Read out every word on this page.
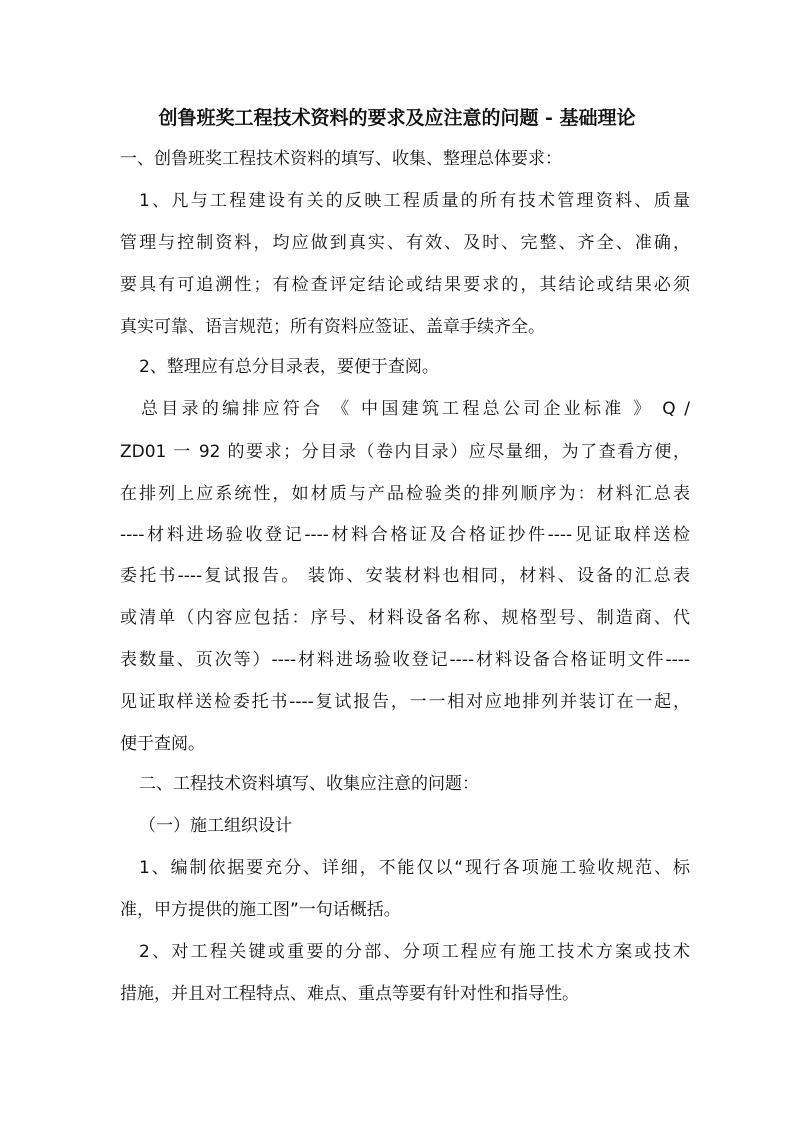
创鲁班奖工程技术资料的要求及应注意的问题 - 基础理论
一、创鲁班奖工程技术资料的填写、收集、整理总体要求：
1、凡与工程建设有关的反映工程质量的所有技术管理资料、质量
管理与控制资料，均应做到真实、有效、及时、完整、齐全、准确，
要具有可追溯性；有检查评定结论或结果要求的，其结论或结果必须
真实可靠、语言规范；所有资料应签证、盖章手续齐全。
2、整理应有总分目录表，要便于查阅。
总目录的编排应符合 《 中国建筑工程总公司企业标准 》 Q /
ZD01 一 92 的要求；分目录（卷内目录）应尽量细，为了查看方便，
在排列上应系统性，如材质与产品检验类的排列顺序为：材料汇总表
----材料进场验收登记----材料合格证及合格证抄件----见证取样送检
委托书----复试报告。 装饰、安装材料也相同，材料、设备的汇总表
或清单（内容应包括：序号、材料设备名称、规格型号、制造商、代
表数量、页次等）----材料进场验收登记----材料设备合格证明文件----
见证取样送检委托书----复试报告，一一相对应地排列并装订在一起，
便于查阅。
二、工程技术资料填写、收集应注意的问题：
（一）施工组织设计
1、编制依据要充分、详细，不能仅以“现行各项施工验收规范、标
准，甲方提供的施工图”一句话概括。
2、对工程关键或重要的分部、分项工程应有施工技术方案或技术
措施，并且对工程特点、难点、重点等要有针对性和指导性。
